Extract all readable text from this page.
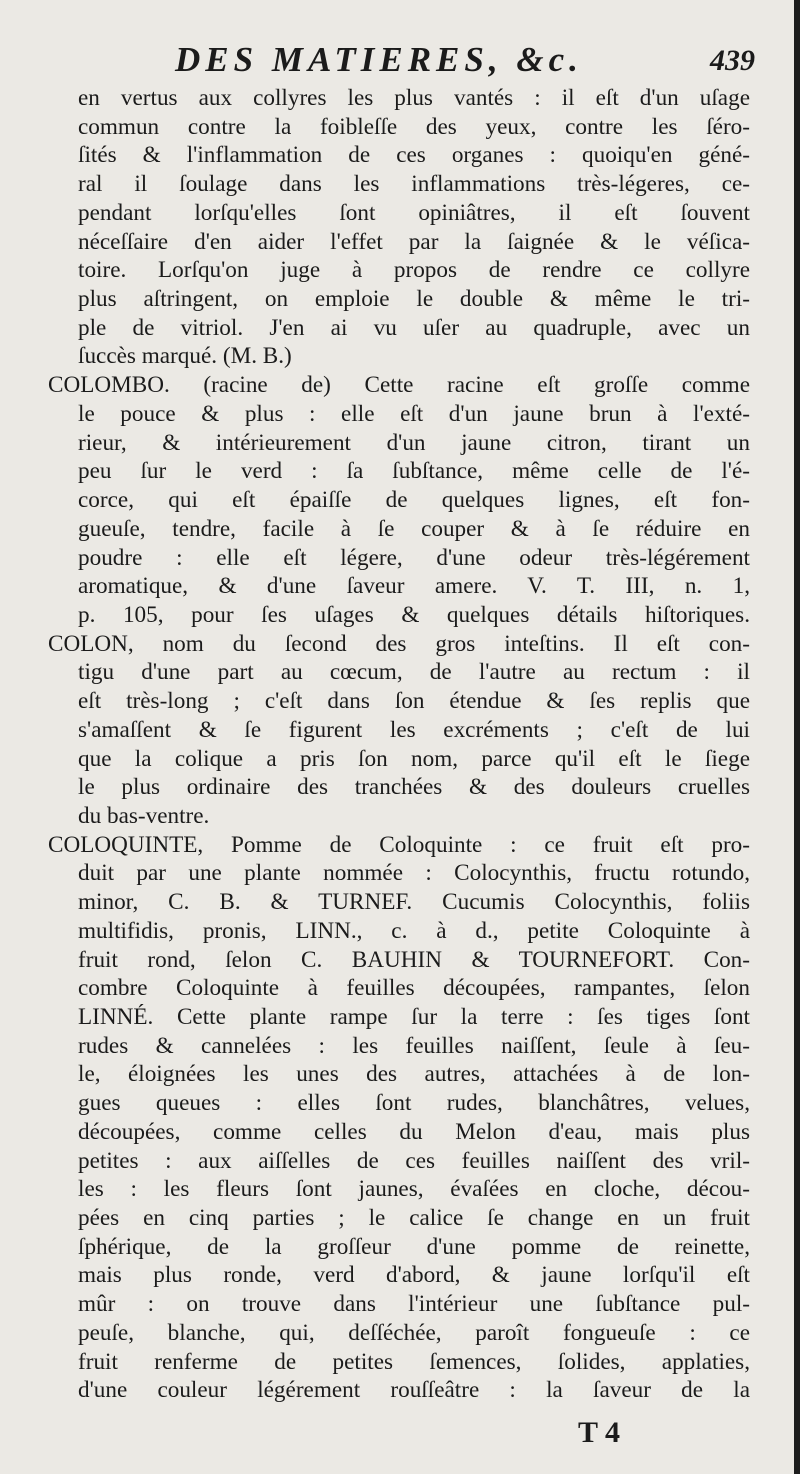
DES MATIERES, &c.	439
en vertus aux collyres les plus vantés : il eſt d'un uſage
commun contre la foibleſſe des yeux, contre les ſéro-
ſités & l'inflammation de ces organes : quoiqu'en géné-
ral il ſoulage dans les inflammations très-légeres, ce-
pendant lorſqu'elles ſont opiniâtres, il eſt ſouvent
néceſſaire d'en aider l'effet par la ſaignée & le véſica-
toire. Lorſqu'on juge à propos de rendre ce collyre
plus aſtringent, on emploie le double & même le tri-
ple de vitriol. J'en ai vu uſer au quadruple, avec un
ſuccès marqué. (M. B.)
COLOMBO. (racine de) Cette racine eſt groſſe comme
le pouce & plus : elle eſt d'un jaune brun à l'exté-
rieur, & intérieurement d'un jaune citron, tirant un
peu ſur le verd : ſa ſubſtance, même celle de l'é-
corce, qui eſt épaiſſe de quelques lignes, eſt fon-
gueuſe, tendre, facile à ſe couper & à ſe réduire en
poudre : elle eſt légere, d'une odeur très-légérement
aromatique, & d'une ſaveur amere. V. T. III, n. 1,
p. 105, pour ſes uſages & quelques détails hiſtoriques.
COLON, nom du ſecond des gros inteſtins. Il eſt con-
tigu d'une part au cœcum, de l'autre au rectum : il
eſt très-long ; c'eſt dans ſon étendue & ſes replis que
s'amaſſent & ſe figurent les excréments ; c'eſt de lui
que la colique a pris ſon nom, parce qu'il eſt le ſiege
le plus ordinaire des tranchées & des douleurs cruelles
du bas-ventre.
COLOQUINTE, Pomme de Coloquinte : ce fruit eſt pro-
duit par une plante nommée : Colocynthis, fructu rotundo,
minor, C. B. & TURNEF. Cucumis Colocynthis, foliis
multifidis, pronis, LINN., c. à d., petite Coloquinte à
fruit rond, ſelon C. BAUHIN & TOURNEFORT. Con-
combre Coloquinte à feuilles découpées, rampantes, ſelon
LINNÉ. Cette plante rampe ſur la terre : ſes tiges ſont
rudes & cannelées : les feuilles naiſſent, ſeule à ſeu-
le, éloignées les unes des autres, attachées à de lon-
gues queues : elles ſont rudes, blanchâtres, velues,
découpées, comme celles du Melon d'eau, mais plus
petites : aux aiſſelles de ces feuilles naiſſent des vril-
les : les fleurs ſont jaunes, évaſées en cloche, décou-
pées en cinq parties ; le calice ſe change en un fruit
ſphérique, de la groſſeur d'une pomme de reinette,
mais plus ronde, verd d'abord, & jaune lorſqu'il eſt
mûr : on trouve dans l'intérieur une ſubſtance pul-
peuſe, blanche, qui, deſſéchée, paroît fongueuſe : ce
fruit renferme de petites ſemences, ſolides, applaties,
d'une couleur légérement rouſſeâtre : la ſaveur de la
T 4
